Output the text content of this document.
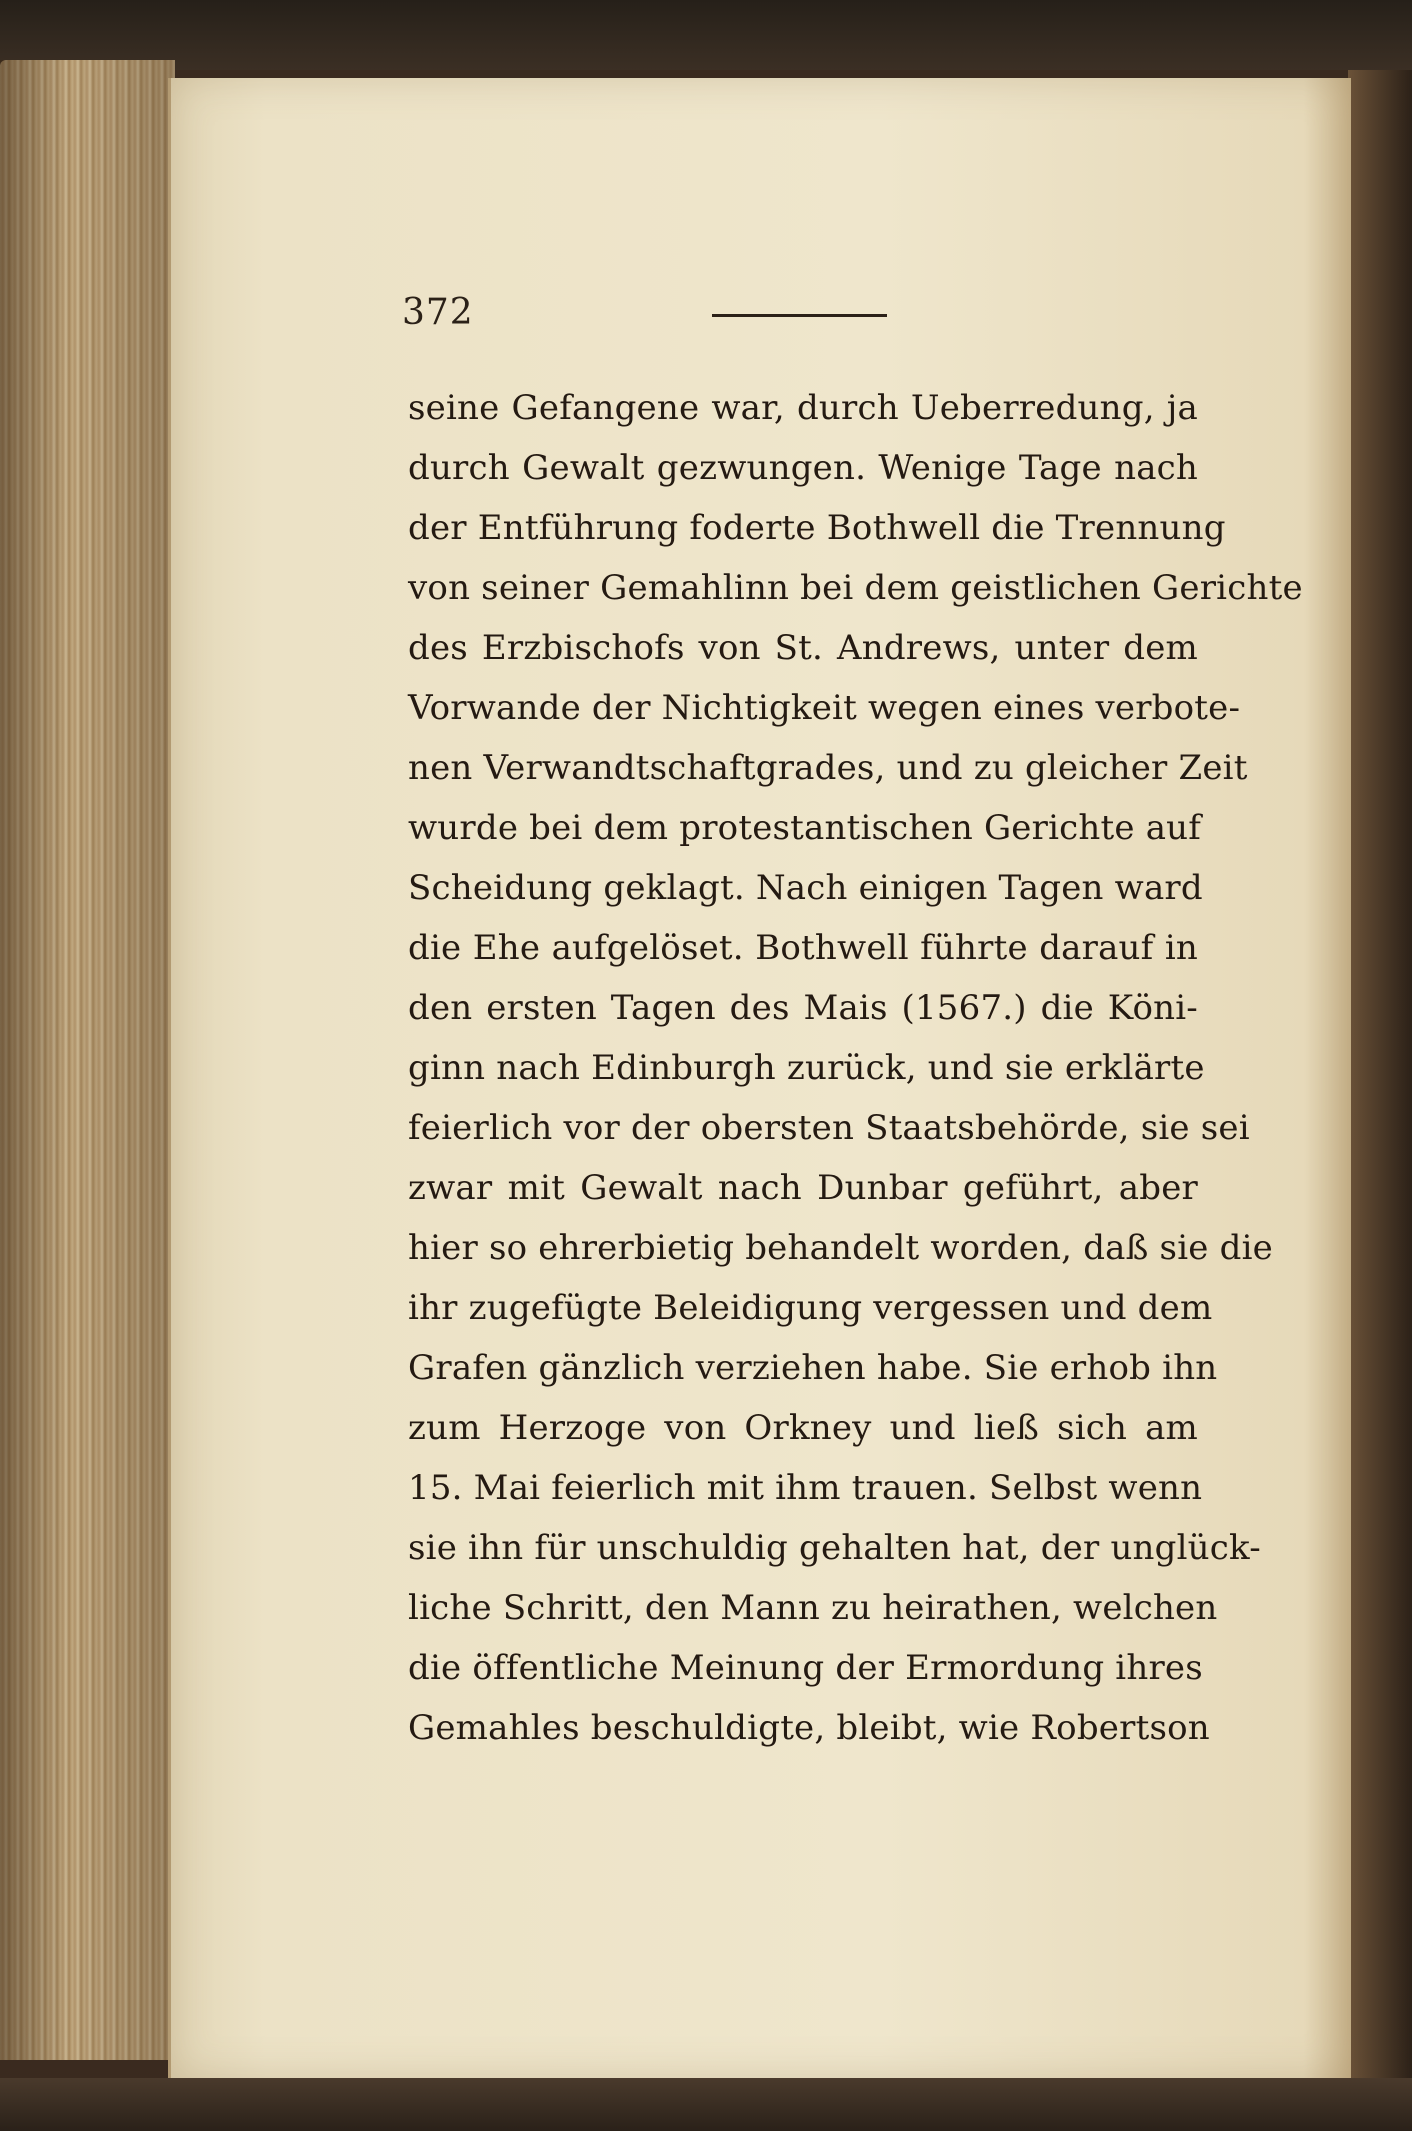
372
seine Gefangene war, durch Ueberredung, ja
durch Gewalt gezwungen. Wenige Tage nach
der Entführung foderte Bothwell die Trennung
von seiner Gemahlinn bei dem geistlichen Gerichte
des Erzbischofs von St. Andrews, unter dem
Vorwande der Nichtigkeit wegen eines verbote-
nen Verwandtschaftgrades, und zu gleicher Zeit
wurde bei dem protestantischen Gerichte auf
Scheidung geklagt. Nach einigen Tagen ward
die Ehe aufgelöset. Bothwell führte darauf in
den ersten Tagen des Mais (1567.) die Köni-
ginn nach Edinburgh zurück, und sie erklärte
feierlich vor der obersten Staatsbehörde, sie sei
zwar mit Gewalt nach Dunbar geführt, aber
hier so ehrerbietig behandelt worden, daß sie die
ihr zugefügte Beleidigung vergessen und dem
Grafen gänzlich verziehen habe. Sie erhob ihn
zum Herzoge von Orkney und ließ sich am
15. Mai feierlich mit ihm trauen. Selbst wenn
sie ihn für unschuldig gehalten hat, der unglück-
liche Schritt, den Mann zu heirathen, welchen
die öffentliche Meinung der Ermordung ihres
Gemahles beschuldigte, bleibt, wie Robertson
